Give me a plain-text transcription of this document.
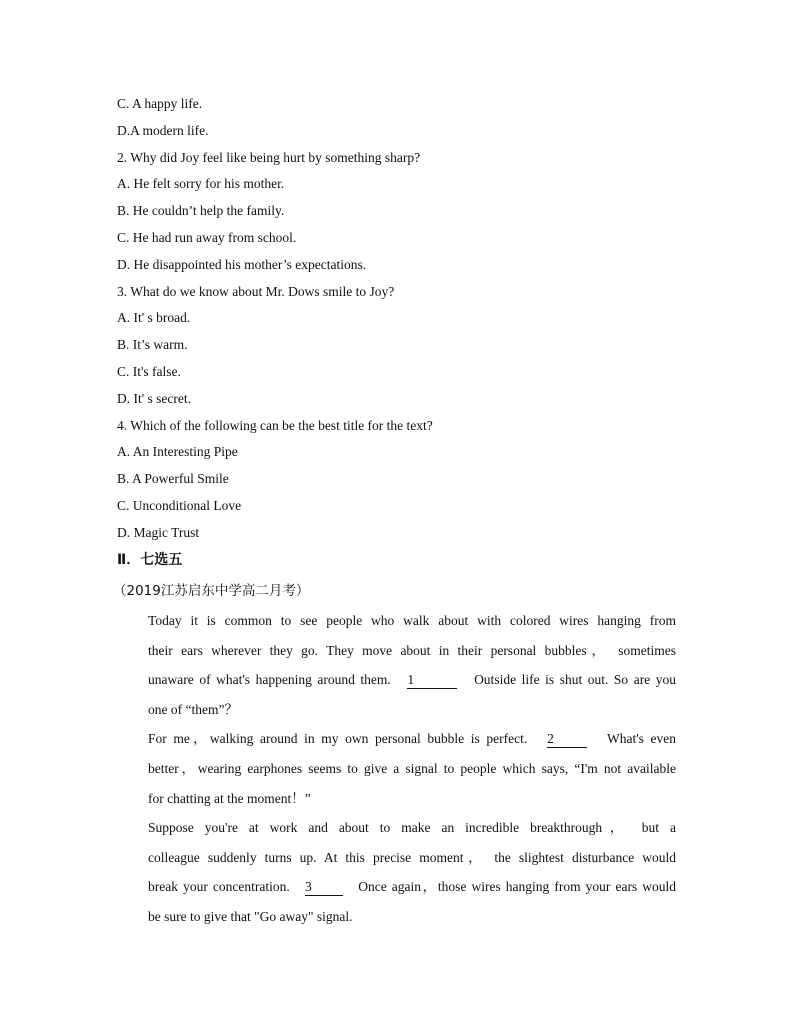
C. A happy life.
D.A modern life.
2. Why did Joy feel like being hurt by something sharp?
A. He felt sorry for his mother.
B. He couldn’t help the family.
C. He had run away from school.
D. He disappointed his mother’s expectations.
3. What do we know about Mr. Dows smile to Joy?
A. It' s broad.
B. It’s warm.
C. It's false.
D. It' s secret.
4. Which of the following can be the best title for the text?
A. An Interesting Pipe
B. A Powerful Smile
C. Unconditional Love
D. Magic Trust
Ⅱ．七选五
（2019江苏启东中学高二月考）
Today it is common to see people who walk about with colored wires hanging from
their ears wherever they go. They move about in their personal bubbles， sometimes
unaware of what's happening around them. 1	Outside life is shut out. So are you
one of “them”？
For me，walking around in my own personal bubble is perfect. 2	What's even
better，wearing earphones seems to give a signal to people which says, “I'm not available
for chatting at the moment！”
Suppose you're at work and about to make an incredible breakthrough， but a
colleague suddenly turns up. At this precise moment， the slightest disturbance would
break your concentration. 3	Once again，those wires hanging from your ears would
be sure to give that "Go away" signal.
